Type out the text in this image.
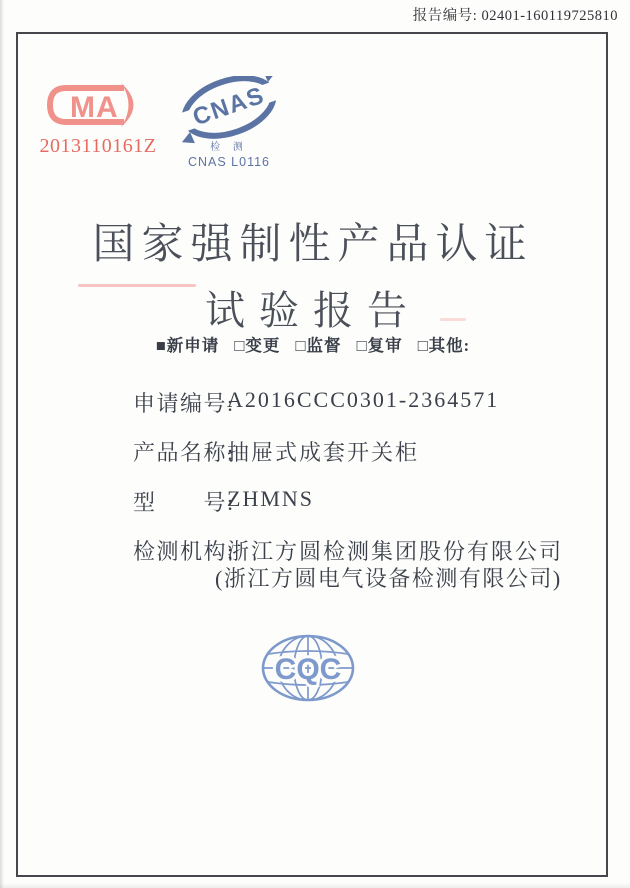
报告编号: 02401-160119725810
MA
2013110161Z
CNAS
检 测
CNAS L0116
国家强制性产品认证
试验报告
■新申请 □变更 □监督 □复审 □其他:
申请编号:
A2016CCC0301-2364571
产品名称:
抽屉式成套开关柜
型　　号:
ZHMNS
检测机构:
浙江方圆检测集团股份有限公司
(浙江方圆电气设备检测有限公司)
CQC
